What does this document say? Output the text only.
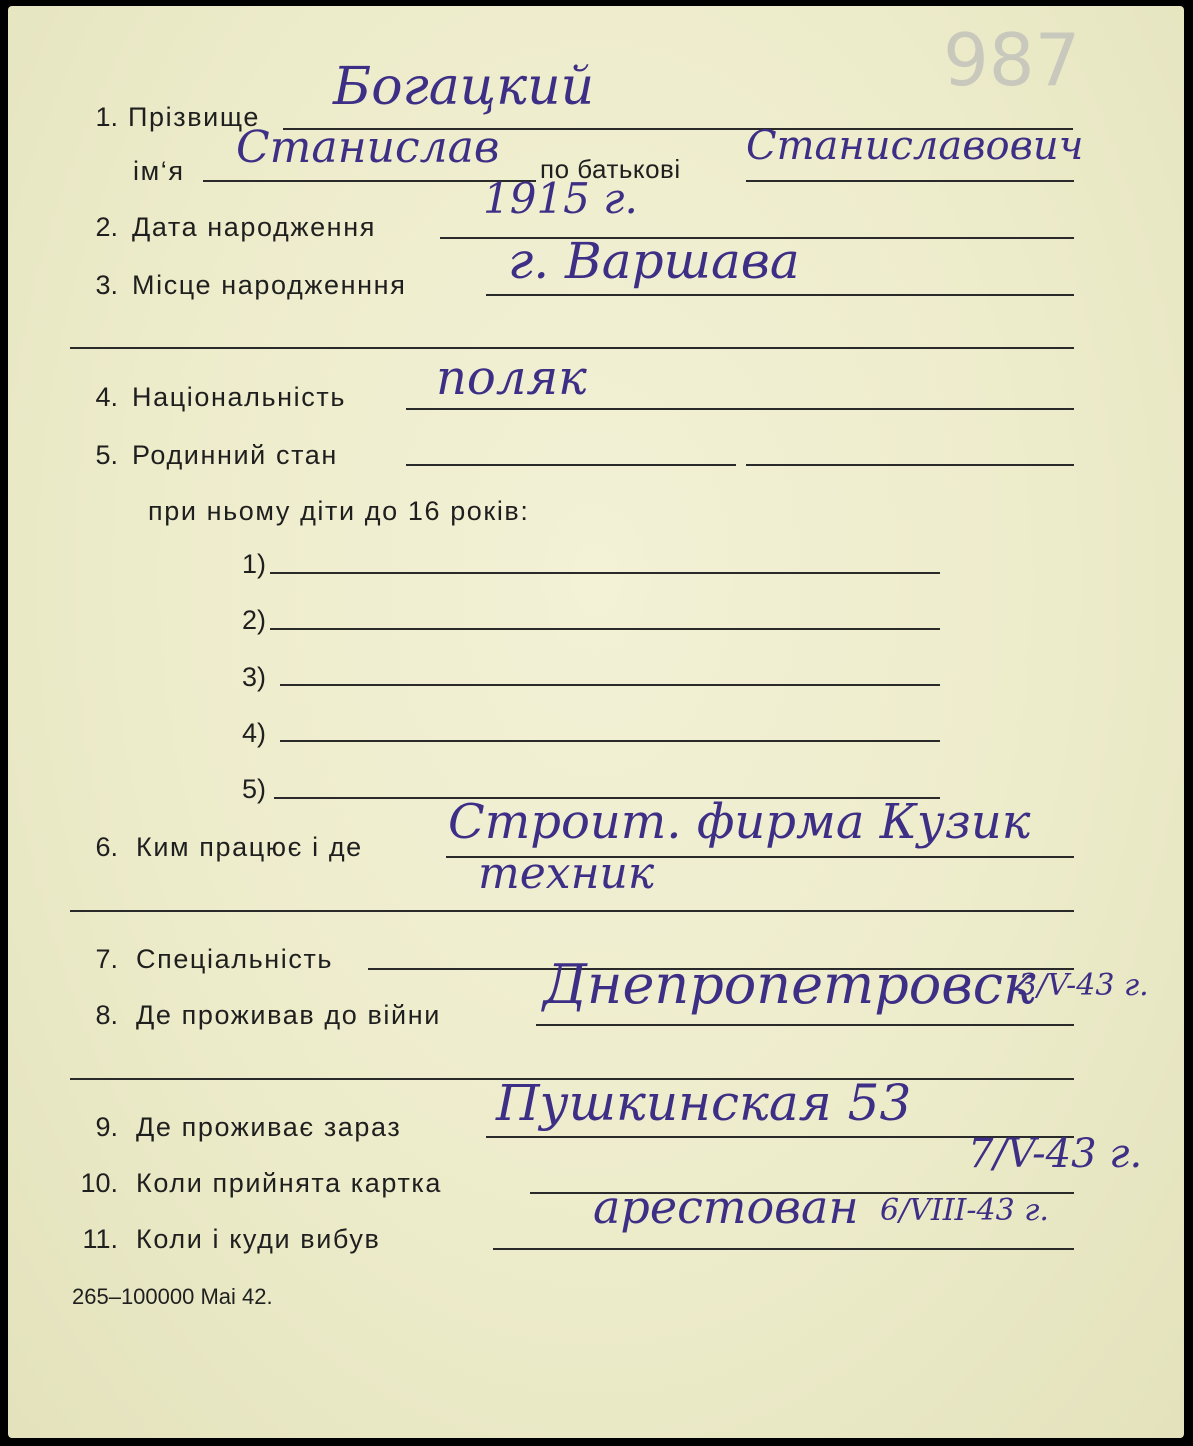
987
1. Прізвище Богацкий
ім‘я Станислав по батькові Станиславович
2. Дата народження
1915 г.
3. Місце народженння г. Варшава
4. Національність поляк
5. Родинний стан
при ньому діти до 16 років:
1)
2)
3)
4)
5)
6. Ким працює і де Строит. фирма Кузик
техник
7. Спеціальність
8. Де проживав до війни Днепропетровск
3/V-43 г.
9. Де проживає зараз Пушкинская 53
10. Коли прийнята картка
7/V-43 г.
11. Коли і куди вибув
арестован 6/VIII-43 г.
265–100000 Mai 42.
